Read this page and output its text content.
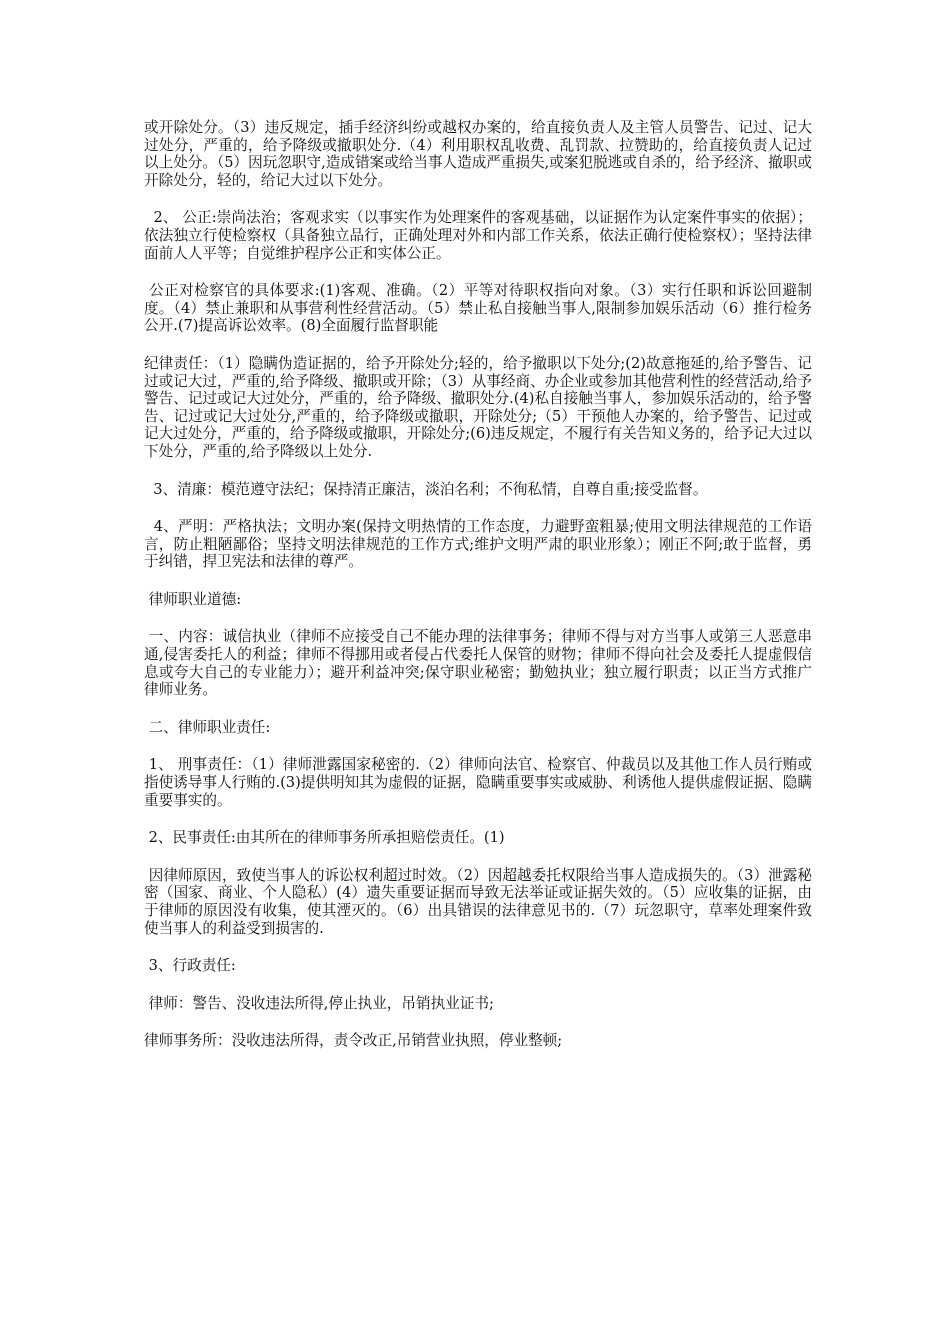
或开除处分。（3）违反规定，插手经济纠纷或越权办案的，给直接负责人及主管人员警告、记过、记大过处分，严重的，给予降级或撤职处分.（4）利用职权乱收费、乱罚款、拉赞助的，给直接负责人记过以上处分。（5）因玩忽职守,造成错案或给当事人造成严重损失,或案犯脱逃或自杀的，给予经济、撤职或开除处分，轻的，给记大过以下处分。

2、 公正:崇尚法治；客观求实（以事实作为处理案件的客观基础，以证据作为认定案件事实的依据）；依法独立行使检察权（具备独立品行，正确处理对外和内部工作关系，依法正确行使检察权）；坚持法律面前人人平等；自觉维护程序公正和实体公正。

公正对检察官的具体要求:(1)客观、准确。（2）平等对待职权指向对象。（3）实行任职和诉讼回避制度。（4）禁止兼职和从事营利性经营活动。（5）禁止私自接触当事人,限制参加娱乐活动（6）推行检务公开.(7)提高诉讼效率。(8)全面履行监督职能

纪律责任：（1）隐瞒伪造证据的，给予开除处分;轻的，给予撤职以下处分;(2)故意拖延的,给予警告、记过或记大过，严重的,给予降级、撤职或开除；（3）从事经商、办企业或参加其他营利性的经营活动,给予警告、记过或记大过处分，严重的，给予降级、撤职处分.(4)私自接触当事人，参加娱乐活动的，给予警告、记过或记大过处分,严重的，给予降级或撤职，开除处分;（5）干预他人办案的，给予警告、记过或记大过处分，严重的，给予降级或撤职，开除处分;(6)违反规定，不履行有关告知义务的，给予记大过以下处分，严重的,给予降级以上处分.

3、清廉：模范遵守法纪；保持清正廉洁，淡泊名利；不徇私情，自尊自重;接受监督。

4、严明：严格执法；文明办案(保持文明热情的工作态度，力避野蛮粗暴;使用文明法律规范的工作语言，防止粗陋鄙俗；坚持文明法律规范的工作方式;维护文明严肃的职业形象）；刚正不阿;敢于监督，勇于纠错，捍卫宪法和法律的尊严。

律师职业道德:

一、内容：诚信执业（律师不应接受自己不能办理的法律事务；律师不得与对方当事人或第三人恶意串通,侵害委托人的利益；律师不得挪用或者侵占代委托人保管的财物；律师不得向社会及委托人提虚假信息或夸大自己的专业能力）；避开利益冲突;保守职业秘密；勤勉执业；独立履行职责；以正当方式推广律师业务。

二、律师职业责任:

1、 刑事责任：（1）律师泄露国家秘密的.（2）律师向法官、检察官、仲裁员以及其他工作人员行贿或指使诱导事人行贿的.(3)提供明知其为虚假的证据，隐瞒重要事实或威胁、利诱他人提供虚假证据、隐瞒重要事实的。

2、民事责任:由其所在的律师事务所承担赔偿责任。(1)

因律师原因，致使当事人的诉讼权利超过时效。（2）因超越委托权限给当事人造成损失的。（3）泄露秘密（国家、商业、个人隐私）(4）遗失重要证据而导致无法举证或证据失效的。（5）应收集的证据，由于律师的原因没有收集，使其湮灭的。（6）出具错误的法律意见书的.（7）玩忽职守，草率处理案件致使当事人的利益受到损害的.

3、行政责任:

律师：警告、没收违法所得,停止执业，吊销执业证书;

律师事务所：没收违法所得，责令改正,吊销营业执照，停业整顿;
